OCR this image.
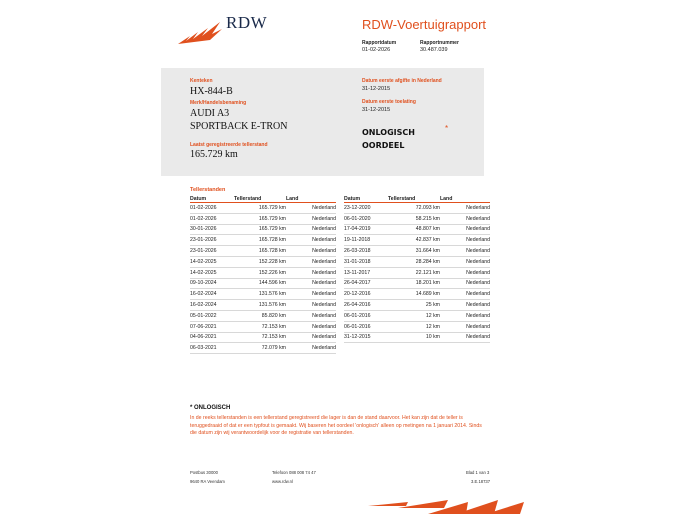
RDW	RDW-Voertuigrapport
Rapportdatum
01-02-2026
Rapportnummer
30.487.039
Kenteken
HX-844-B
Merk/Handelsbenaming
AUDI A3
SPORTBACK E-TRON
Laatst geregistreerde tellerstand
165.729 km
Datum eerste afgifte in Nederland
31-12-2015
Datum eerste toelating
31-12-2015
ONLOGISCH
OORDEEL
*
Tellerstanden
Datum	Tellerstand	Land
01-02-2026	165.729 km	Nederland
01-02-2026	165.729 km	Nederland
30-01-2026	165.729 km	Nederland
23-01-2026	165.728 km	Nederland
23-01-2026	165.728 km	Nederland
14-02-2025	152.228 km	Nederland
14-02-2025	152.226 km	Nederland
09-10-2024	144.596 km	Nederland
16-02-2024	131.576 km	Nederland
16-02-2024	131.576 km	Nederland
05-01-2022	85.820 km	Nederland
07-06-2021	72.153 km	Nederland
04-06-2021	72.153 km	Nederland
06-03-2021	72.079 km	Nederland
Datum	Tellerstand	Land
23-12-2020	72.093 km	Nederland
06-01-2020	58.215 km	Nederland
17-04-2019	48.807 km	Nederland
19-11-2018	42.837 km	Nederland
26-03-2018	31.664 km	Nederland
31-01-2018	28.284 km	Nederland
13-11-2017	22.121 km	Nederland
26-04-2017	18.201 km	Nederland
20-12-2016	14.689 km	Nederland
26-04-2016	25 km	Nederland
06-01-2016	12 km	Nederland
06-01-2016	12 km	Nederland
31-12-2015	10 km	Nederland
* ONLOGISCH
In de reeks tellerstanden is een tellerstand geregistreerd die lager is dan de stand daarvoor. Het kan zijn dat de teller is teruggedraaid of dat er een typfout is gemaakt. Wij baseren het oordeel 'onlogisch' alleen op metingen na 1 januari 2014. Sinds die datum zijn wij verantwoordelijk voor de registratie van tellerstanden.
Postbus 30000
9640 RA Veendam
Telefoon 088 008 74 47
www.rdw.nl
Blad 1 van 3
3.E.18737
